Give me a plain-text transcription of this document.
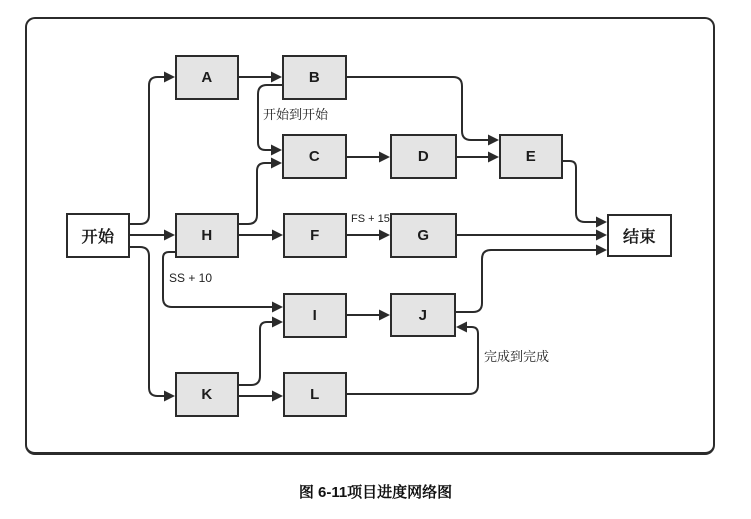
开始
A	B
C	D	E
H	F	G	结束
I	J
K	L
开始到开始
FS + 15
SS + 10
完成到完成
图 6-11项目进度网络图
